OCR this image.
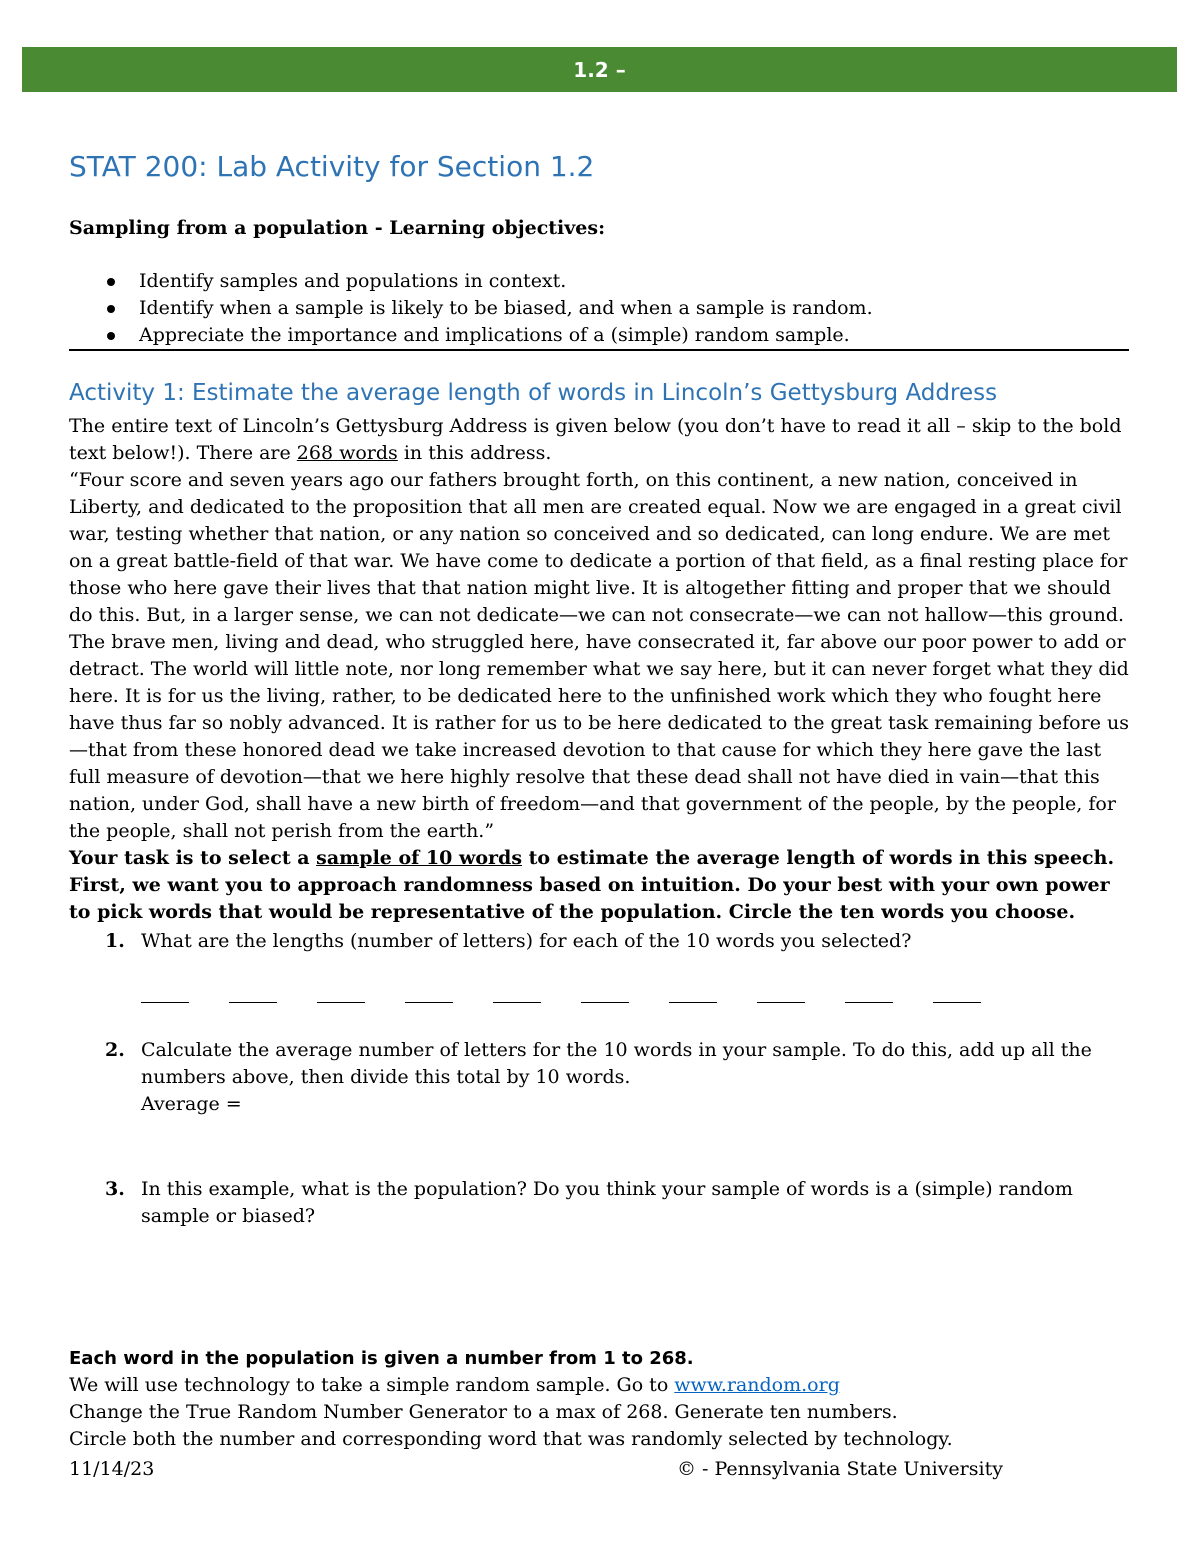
1.2 –
STAT 200: Lab Activity for Section 1.2
Sampling from a population - Learning objectives:
Identify samples and populations in context.
Identify when a sample is likely to be biased, and when a sample is random.
Appreciate the importance and implications of a (simple) random sample.
Activity 1: Estimate the average length of words in Lincoln’s Gettysburg Address

The entire text of Lincoln’s Gettysburg Address is given below (you don’t have to read it all – skip to the bold text below!). There are 268 words in this address.

“Four score and seven years ago our fathers brought forth, on this continent, a new nation, conceived in Liberty, and dedicated to the proposition that all men are created equal. Now we are engaged in a great civil war, testing whether that nation, or any nation so conceived and so dedicated, can long endure. We are met on a great battle-field of that war. We have come to dedicate a portion of that field, as a final resting place for those who here gave their lives that that nation might live. It is altogether fitting and proper that we should do this. But, in a larger sense, we can not dedicate—we can not consecrate—we can not hallow—this ground. The brave men, living and dead, who struggled here, have consecrated it, far above our poor power to add or detract. The world will little note, nor long remember what we say here, but it can never forget what they did here. It is for us the living, rather, to be dedicated here to the unfinished work which they who fought here have thus far so nobly advanced. It is rather for us to be here dedicated to the great task remaining before us—that from these honored dead we take increased devotion to that cause for which they here gave the last full measure of devotion—that we here highly resolve that these dead shall not have died in vain—that this nation, under God, shall have a new birth of freedom—and that government of the people, by the people, for the people, shall not perish from the earth.”

Your task is to select a sample of 10 words to estimate the average length of words in this speech.

First, we want you to approach randomness based on intuition. Do your best with your own power to pick words that would be representative of the population. Circle the ten words you choose.

1. What are the lengths (number of letters) for each of the 10 words you selected?
2. Calculate the average number of letters for the 10 words in your sample. To do this, add up all the numbers above, then divide this total by 10 words.
Average =
3. In this example, what is the population? Do you think your sample of words is a (simple) random sample or biased?

Each word in the population is given a number from 1 to 268.

We will use technology to take a simple random sample. Go to www.random.org

Change the True Random Number Generator to a max of 268. Generate ten numbers.

Circle both the number and corresponding word that was randomly selected by technology.

11/14/23	© - Pennsylvania State University
